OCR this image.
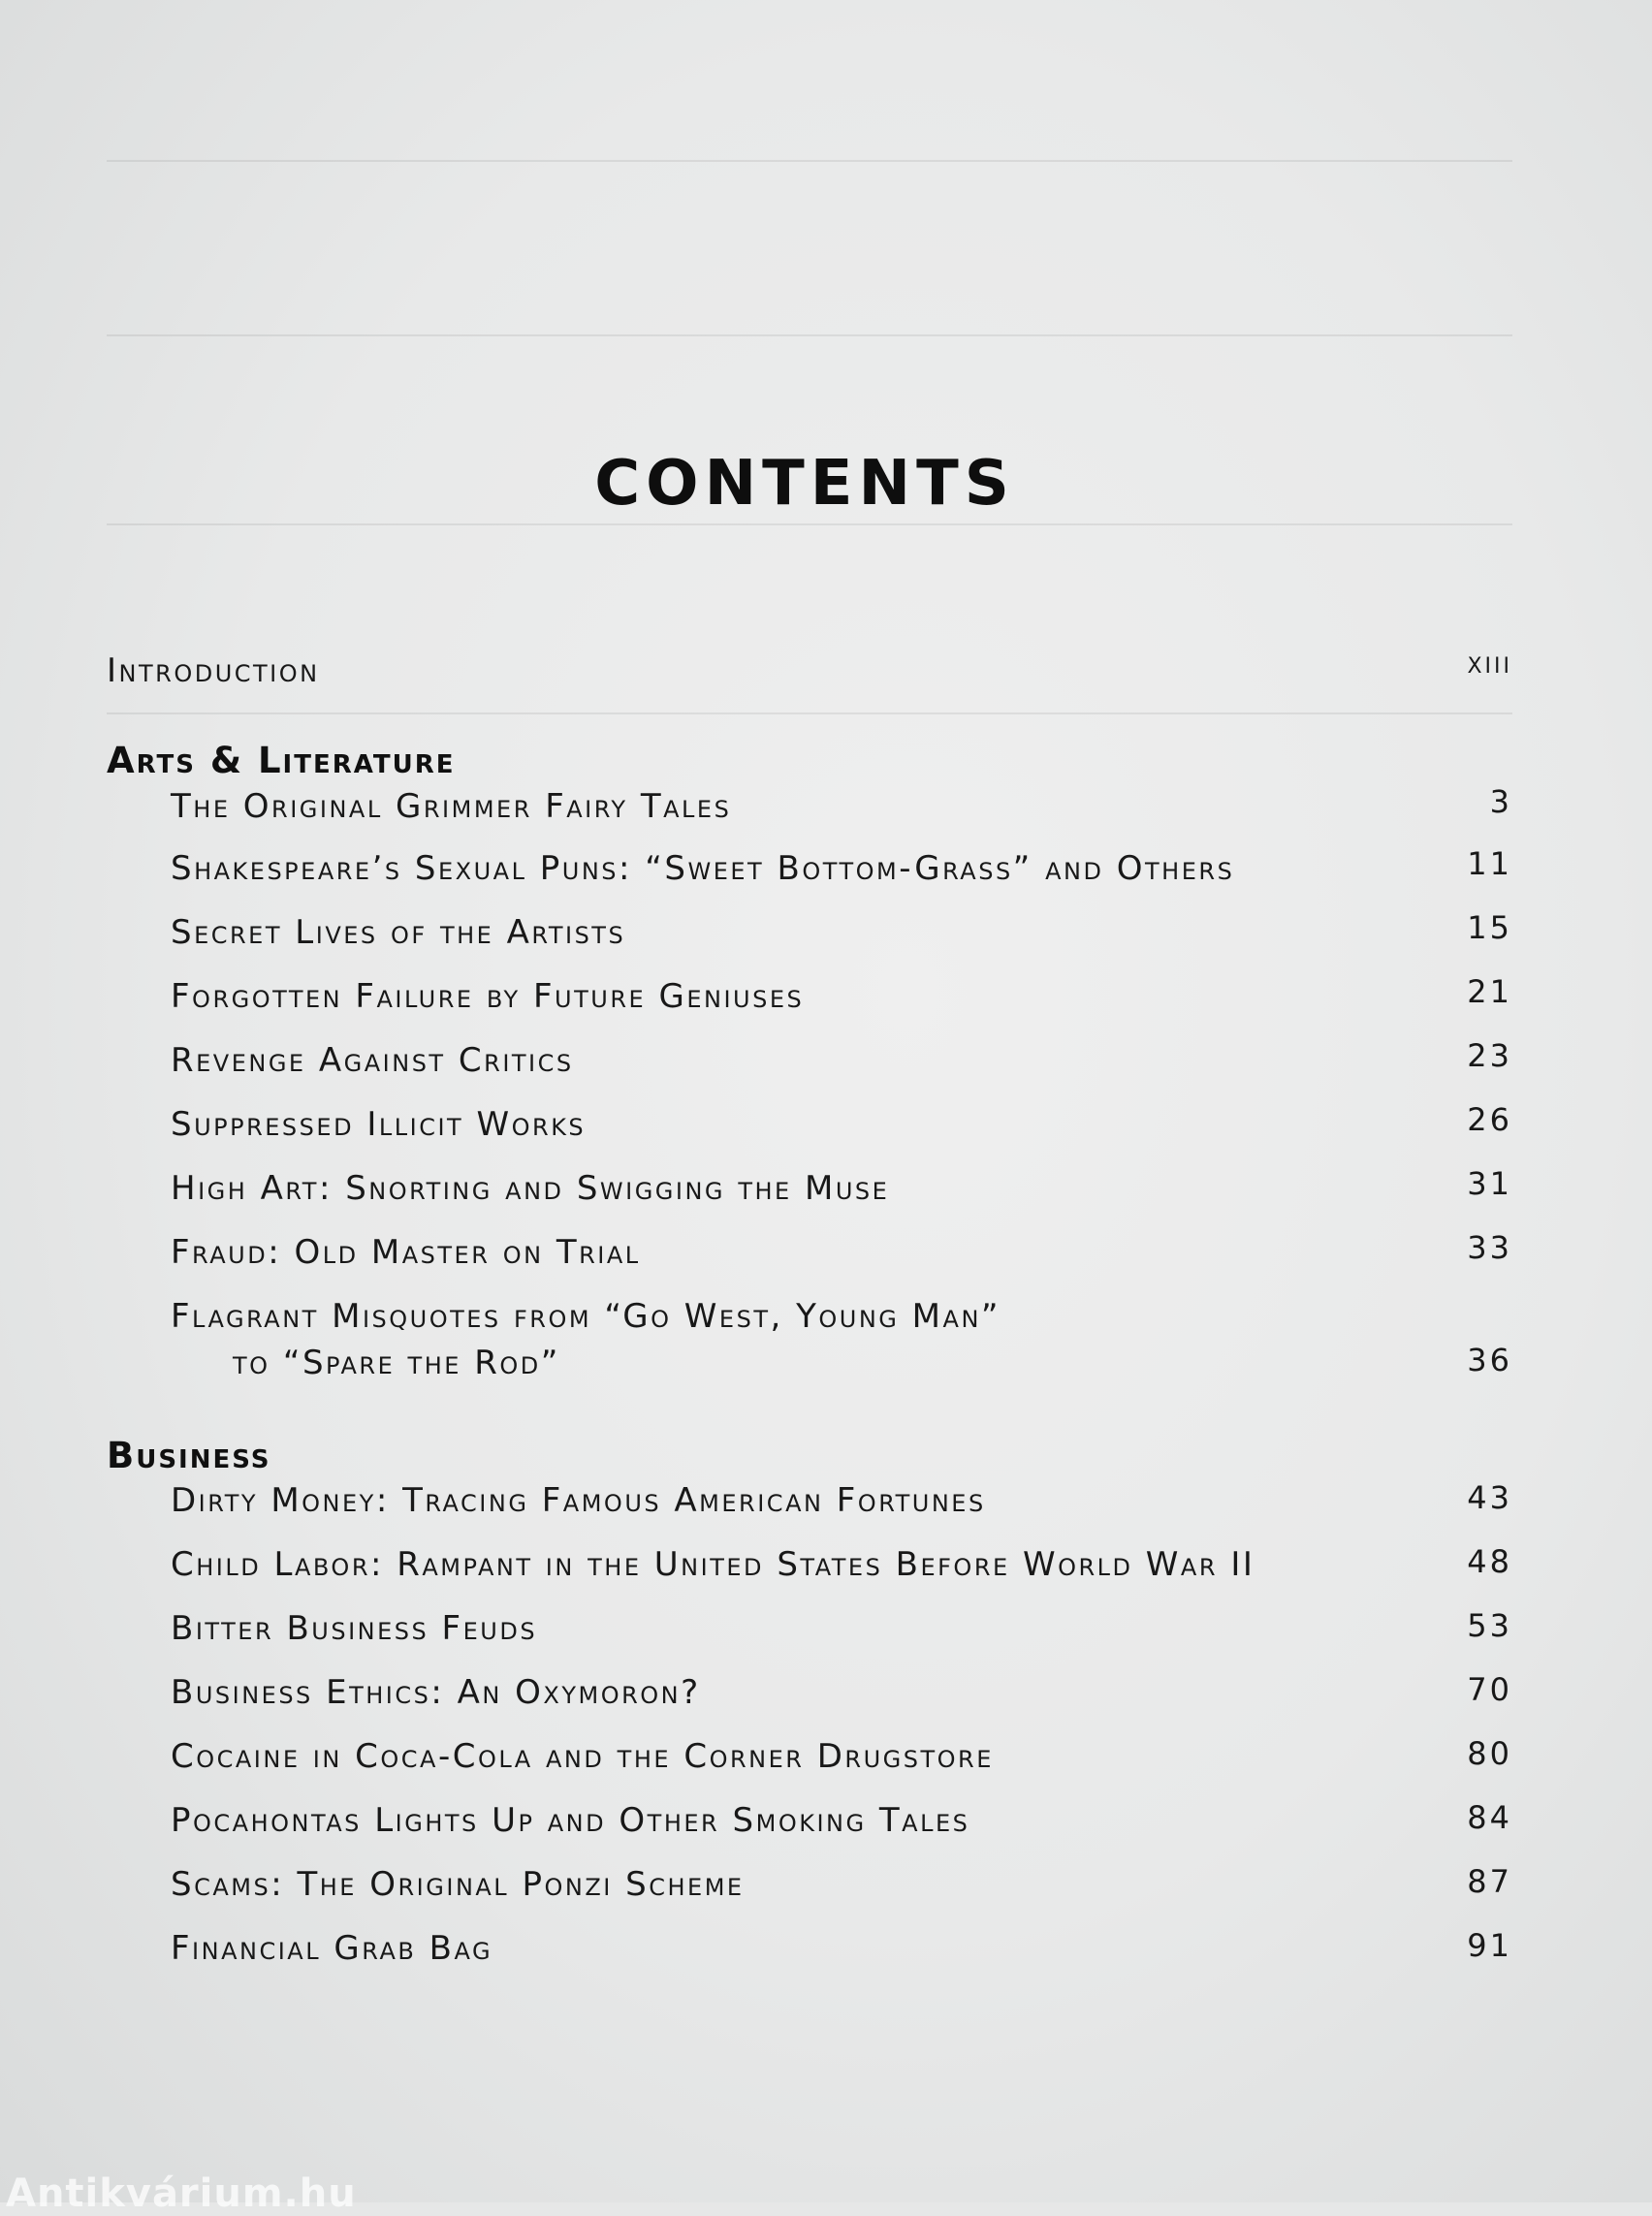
CONTENTS
Introduction	xiii
Arts & Literature
The Original Grimmer Fairy Tales	3
Shakespeare’s Sexual Puns: “Sweet Bottom-Grass” and Others	11
Secret Lives of the Artists	15
Forgotten Failure by Future Geniuses	21
Revenge Against Critics	23
Suppressed Illicit Works	26
High Art: Snorting and Swigging the Muse	31
Fraud: Old Master on Trial	33
Flagrant Misquotes from “Go West, Young Man”
to “Spare the Rod”	36
Business
Dirty Money: Tracing Famous American Fortunes	43
Child Labor: Rampant in the United States Before World War II	48
Bitter Business Feuds	53
Business Ethics: An Oxymoron?	70
Cocaine in Coca-Cola and the Corner Drugstore	80
Pocahontas Lights Up and Other Smoking Tales	84
Scams: The Original Ponzi Scheme	87
Financial Grab Bag	91
Antikvárium.hu
